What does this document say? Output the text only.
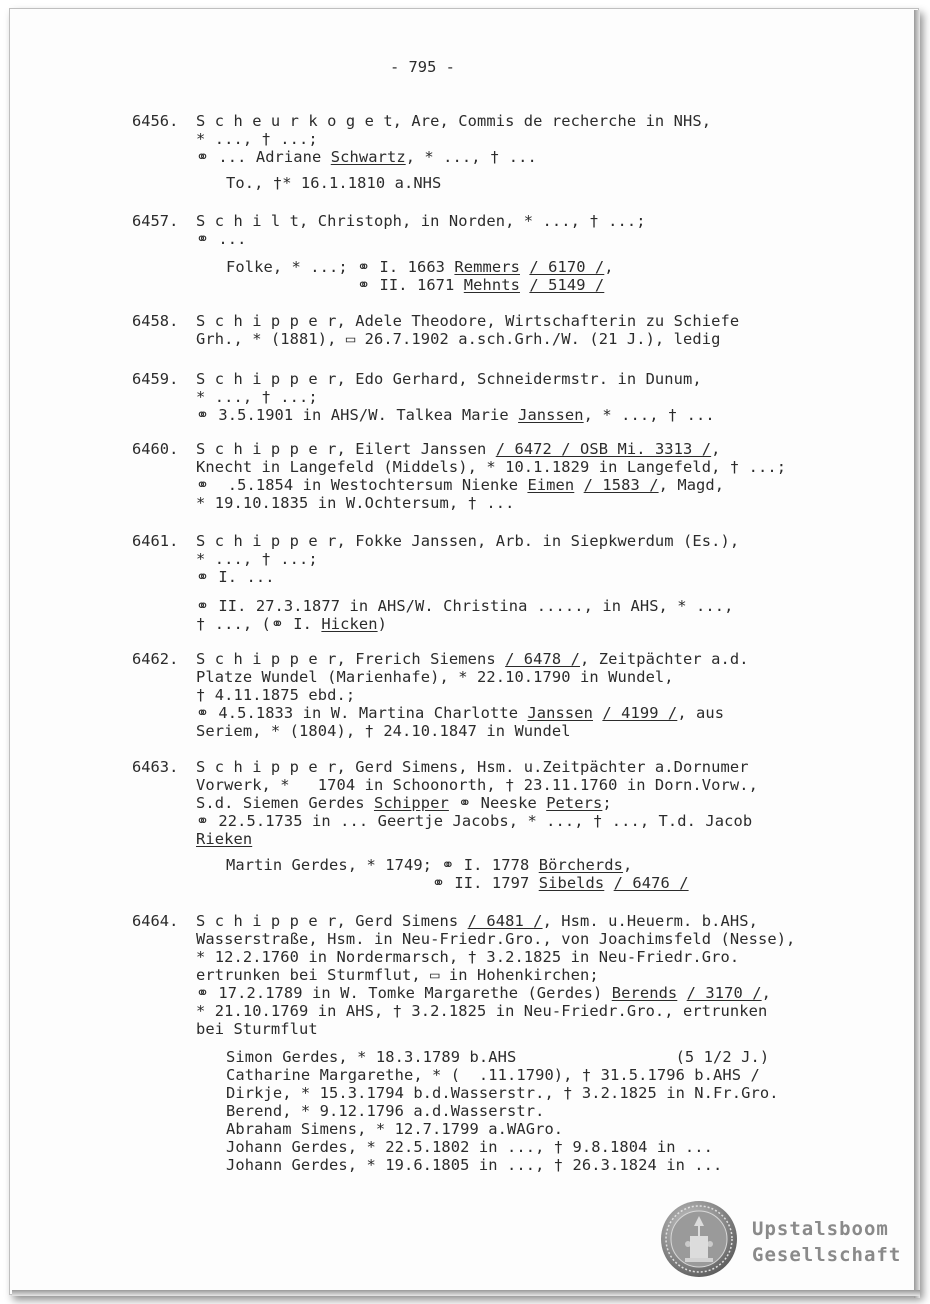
- 795 -
6456. S c h e u r k o g e t, Are, Commis de recherche in NHS,
* ..., † ...;
⚭ ... Adriane Schwartz, * ..., † ...
To., †* 16.1.1810 a.NHS
6457. S c h i l t, Christoph, in Norden, * ..., † ...;
⚭ ...
Folke, * ...; ⚭ I. 1663 Remmers / 6170 /,
⚭ II. 1671 Mehnts / 5149 /
6458. S c h i p p e r, Adele Theodore, Wirtschafterin zu Schiefe
Grh., * (1881), ▭ 26.7.1902 a.sch.Grh./W. (21 J.), ledig
6459. S c h i p p e r, Edo Gerhard, Schneidermstr. in Dunum,
* ..., † ...;
⚭ 3.5.1901 in AHS/W. Talkea Marie Janssen, * ..., † ...
6460. S c h i p p e r, Eilert Janssen / 6472 / OSB Mi. 3313 /,
Knecht in Langefeld (Middels), * 10.1.1829 in Langefeld, † ...;
⚭  .5.1854 in Westochtersum Nienke Eimen / 1583 /, Magd,
* 19.10.1835 in W.Ochtersum, † ...
6461. S c h i p p e r, Fokke Janssen, Arb. in Siepkwerdum (Es.),
* ..., † ...;
⚭ I. ...
⚭ II. 27.3.1877 in AHS/W. Christina ....., in AHS, * ...,
† ..., (⚭ I. Hicken)
6462. S c h i p p e r, Frerich Siemens / 6478 /, Zeitpächter a.d.
Platze Wundel (Marienhafe), * 22.10.1790 in Wundel,
† 4.11.1875 ebd.;
⚭ 4.5.1833 in W. Martina Charlotte Janssen / 4199 /, aus
Seriem, * (1804), † 24.10.1847 in Wundel
6463. S c h i p p e r, Gerd Simens, Hsm. u.Zeitpächter a.Dornumer
Vorwerk, *   1704 in Schoonorth, † 23.11.1760 in Dorn.Vorw.,
S.d. Siemen Gerdes Schipper ⚭ Neeske Peters;
⚭ 22.5.1735 in ... Geertje Jacobs, * ..., † ..., T.d. Jacob
Rieken
Martin Gerdes, * 1749; ⚭ I. 1778 Börcherds,
⚭ II. 1797 Sibelds / 6476 /
6464. S c h i p p e r, Gerd Simens / 6481 /, Hsm. u.Heuerm. b.AHS,
Wasserstraße, Hsm. in Neu-Friedr.Gro., von Joachimsfeld (Nesse),
* 12.2.1760 in Nordermarsch, † 3.2.1825 in Neu-Friedr.Gro.
ertrunken bei Sturmflut, ▭ in Hohenkirchen;
⚭ 17.2.1789 in W. Tomke Margarethe (Gerdes) Berends / 3170 /,
* 21.10.1769 in AHS, † 3.2.1825 in Neu-Friedr.Gro., ertrunken
bei Sturmflut
Simon Gerdes, * 18.3.1789 b.AHS                 (5 1/2 J.)
Catharine Margarethe, * (  .11.1790), † 31.5.1796 b.AHS /
Dirkje, * 15.3.1794 b.d.Wasserstr., † 3.2.1825 in N.Fr.Gro.
Berend, * 9.12.1796 a.d.Wasserstr.
Abraham Simens, * 12.7.1799 a.WAGro.
Johann Gerdes, * 22.5.1802 in ..., † 9.8.1804 in ...
Johann Gerdes, * 19.6.1805 in ..., † 26.3.1824 in ...
Upstalsboom
Gesellschaft
